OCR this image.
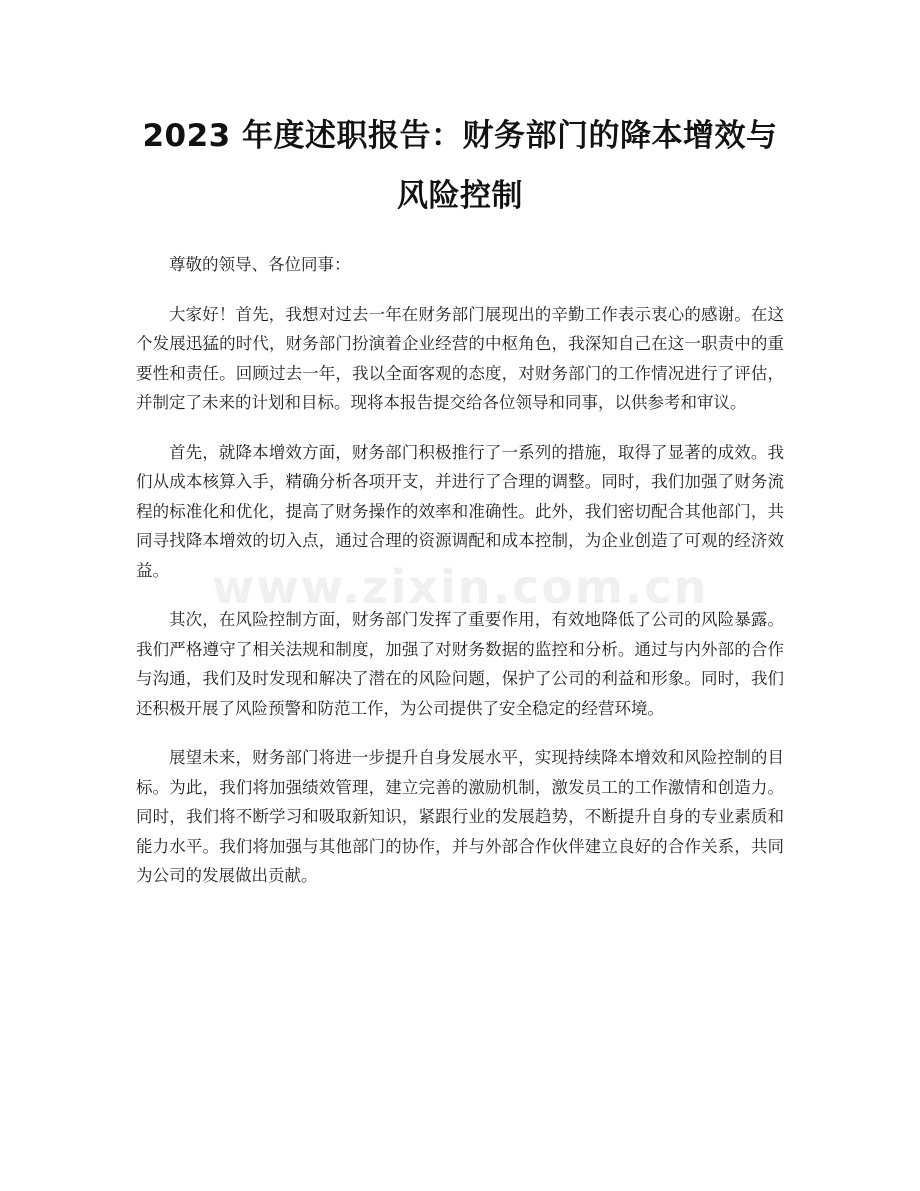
2023 年度述职报告：财务部门的降本增效与
风险控制

尊敬的领导、各位同事：

大家好！首先，我想对过去一年在财务部门展现出的辛勤工作表示衷心的感谢。在这个发展迅猛的时代，财务部门扮演着企业经营的中枢角色，我深知自己在这一职责中的重要性和责任。回顾过去一年，我以全面客观的态度，对财务部门的工作情况进行了评估，并制定了未来的计划和目标。现将本报告提交给各位领导和同事，以供参考和审议。

首先，就降本增效方面，财务部门积极推行了一系列的措施，取得了显著的成效。我们从成本核算入手，精确分析各项开支，并进行了合理的调整。同时，我们加强了财务流程的标准化和优化，提高了财务操作的效率和准确性。此外，我们密切配合其他部门，共同寻找降本增效的切入点，通过合理的资源调配和成本控制，为企业创造了可观的经济效益。

其次，在风险控制方面，财务部门发挥了重要作用，有效地降低了公司的风险暴露。我们严格遵守了相关法规和制度，加强了对财务数据的监控和分析。通过与内外部的合作与沟通，我们及时发现和解决了潜在的风险问题，保护了公司的利益和形象。同时，我们还积极开展了风险预警和防范工作，为公司提供了安全稳定的经营环境。

展望未来，财务部门将进一步提升自身发展水平，实现持续降本增效和风险控制的目标。为此，我们将加强绩效管理，建立完善的激励机制，激发员工的工作激情和创造力。同时，我们将不断学习和吸取新知识，紧跟行业的发展趋势，不断提升自身的专业素质和能力水平。我们将加强与其他部门的协作，并与外部合作伙伴建立良好的合作关系，共同为公司的发展做出贡献。

www.zixin.com.cn
